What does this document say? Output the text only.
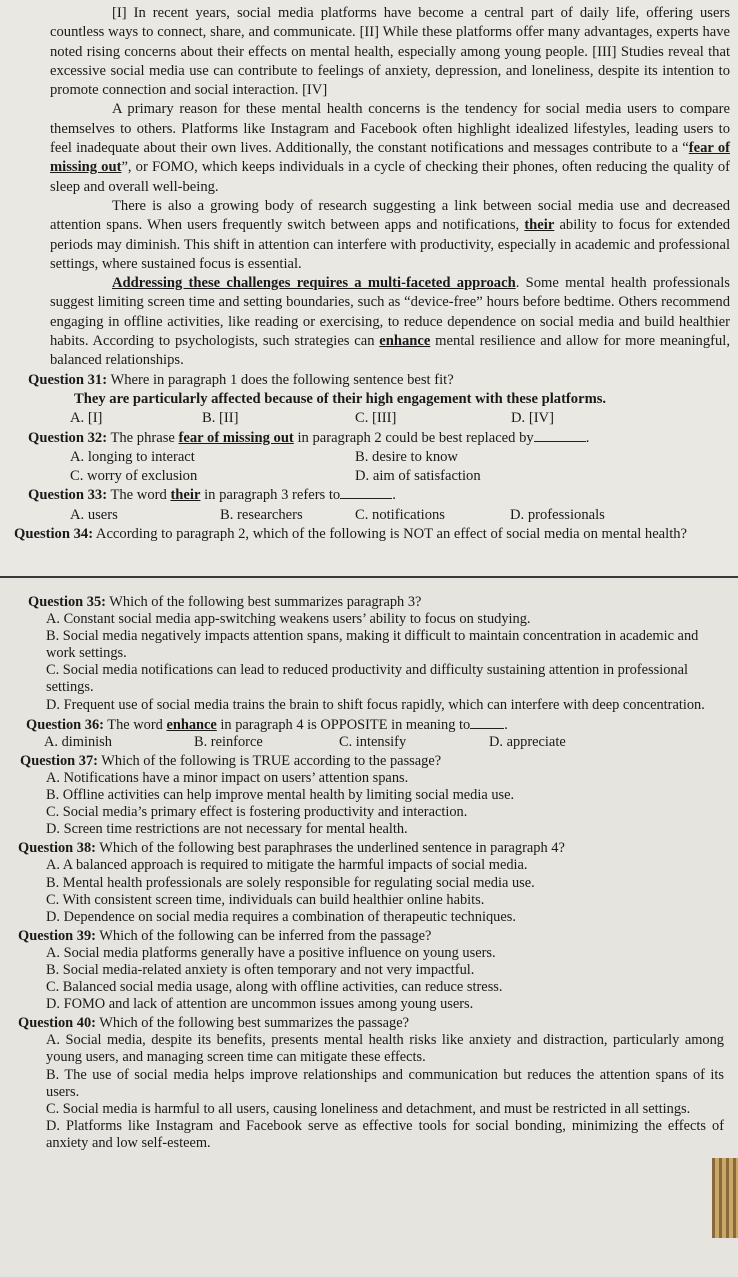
[I] In recent years, social media platforms have become a central part of daily life, offering users countless ways to connect, share, and communicate. [II] While these platforms offer many advantages, experts have noted rising concerns about their effects on mental health, especially among young people. [III] Studies reveal that excessive social media use can contribute to feelings of anxiety, depression, and loneliness, despite its intention to promote connection and social interaction. [IV]

A primary reason for these mental health concerns is the tendency for social media users to compare themselves to others. Platforms like Instagram and Facebook often highlight idealized lifestyles, leading users to feel inadequate about their own lives. Additionally, the constant notifications and messages contribute to a “fear of missing out”, or FOMO, which keeps individuals in a cycle of checking their phones, often reducing the quality of sleep and overall well-being.

There is also a growing body of research suggesting a link between social media use and decreased attention spans. When users frequently switch between apps and notifications, their ability to focus for extended periods may diminish. This shift in attention can interfere with productivity, especially in academic and professional settings, where sustained focus is essential.

Addressing these challenges requires a multi-faceted approach. Some mental health professionals suggest limiting screen time and setting boundaries, such as “device-free” hours before bedtime. Others recommend engaging in offline activities, like reading or exercising, to reduce dependence on social media and build healthier habits. According to psychologists, such strategies can enhance mental resilience and allow for more meaningful, balanced relationships.

Question 31: Where in paragraph 1 does the following sentence best fit?

They are particularly affected because of their high engagement with these platforms.

A. [I]	B. [II]	C. [III]	D. [IV]

Question 32: The phrase fear of missing out in paragraph 2 could be best replaced by	.

A. longing to interact	B. desire to know
C. worry of exclusion	D. aim of satisfaction

Question 33: The word their in paragraph 3 refers to	.

A. users	B. researchers	C. notifications	D. professionals

Question 34: According to paragraph 2, which of the following is NOT an effect of social media on mental health?

Question 35: Which of the following best summarizes paragraph 3?

A. Constant social media app-switching weakens users’ ability to focus on studying.

B. Social media negatively impacts attention spans, making it difficult to maintain concentration in academic and work settings.

C. Social media notifications can lead to reduced productivity and difficulty sustaining attention in professional settings.

D. Frequent use of social media trains the brain to shift focus rapidly, which can interfere with deep concentration.

Question 36: The word enhance in paragraph 4 is OPPOSITE in meaning to .

A. diminish	B. reinforce	C. intensify	D. appreciate

Question 37: Which of the following is TRUE according to the passage?

A. Notifications have a minor impact on users’ attention spans.

B. Offline activities can help improve mental health by limiting social media use.

C. Social media’s primary effect is fostering productivity and interaction.

D. Screen time restrictions are not necessary for mental health.

Question 38: Which of the following best paraphrases the underlined sentence in paragraph 4?

A. A balanced approach is required to mitigate the harmful impacts of social media.

B. Mental health professionals are solely responsible for regulating social media use.

C. With consistent screen time, individuals can build healthier online habits.

D. Dependence on social media requires a combination of therapeutic techniques.

Question 39: Which of the following can be inferred from the passage?

A. Social media platforms generally have a positive influence on young users.

B. Social media-related anxiety is often temporary and not very impactful.

C. Balanced social media usage, along with offline activities, can reduce stress.

D. FOMO and lack of attention are uncommon issues among young users.

Question 40: Which of the following best summarizes the passage?

A. Social media, despite its benefits, presents mental health risks like anxiety and distraction, particularly among young users, and managing screen time can mitigate these effects.

B. The use of social media helps improve relationships and communication but reduces the attention spans of its users.

C. Social media is harmful to all users, causing loneliness and detachment, and must be restricted in all settings.

D. Platforms like Instagram and Facebook serve as effective tools for social bonding, minimizing the effects of anxiety and low self-esteem.
